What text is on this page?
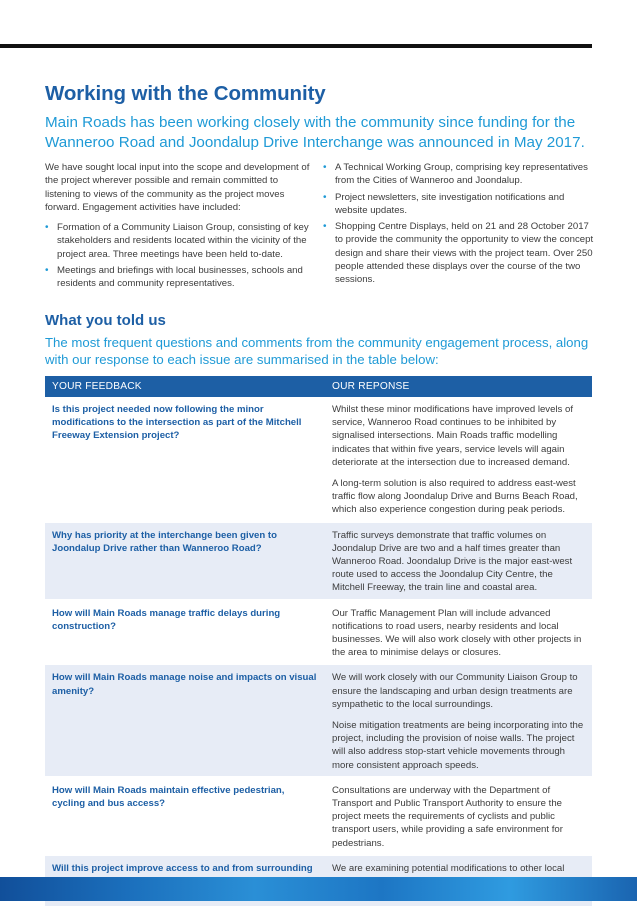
Working with the Community

Main Roads has been working closely with the community since funding for the Wanneroo Road and Joondalup Drive Interchange was announced in May 2017.

We have sought local input into the scope and development of the project wherever possible and remain committed to listening to views of the community as the project moves forward. Engagement activities have included:

• Formation of a Community Liaison Group, consisting of key stakeholders and residents located within the vicinity of the project area. Three meetings have been held to-date.
• Meetings and briefings with local businesses, schools and residents and community representatives.
• A Technical Working Group, comprising key representatives from the Cities of Wanneroo and Joondalup.
• Project newsletters, site investigation notifications and website updates.
• Shopping Centre Displays, held on 21 and 28 October 2017 to provide the community the opportunity to view the concept design and share their views with the project team. Over 250 people attended these displays over the course of the two sessions.
What you told us

The most frequent questions and comments from the community engagement process, along with our response to each issue are summarised in the table below:

YOUR FEEDBACK	OUR REPONSE
Is this project needed now following the minor modifications to the intersection as part of the Mitchell Freeway Extension project?	Whilst these minor modifications have improved levels of service, Wanneroo Road continues to be inhibited by signalised intersections. Main Roads traffic modelling indicates that within five years, service levels will again deteriorate at the intersection due to increased demand.

A long-term solution is also required to address east-west traffic flow along Joondalup Drive and Burns Beach Road, which also experience congestion during peak periods.

Why has priority at the interchange been given to Joondalup Drive rather than Wanneroo Road?	Traffic surveys demonstrate that traffic volumes on Joondalup Drive are two and a half times greater than Wanneroo Road. Joondalup Drive is the major east-west route used to access the Joondalup City Centre, the Mitchell Freeway, the train line and coastal area.

How will Main Roads manage traffic delays during construction?	Our Traffic Management Plan will include advanced notifications to road users, nearby residents and local businesses. We will also work closely with other projects in the area to minimise delays or closures.

How will Main Roads manage noise and impacts on visual amenity?	We will work closely with our Community Liaison Group to ensure the landscaping and urban design treatments are sympathetic to the local surroundings.

Noise mitigation treatments are being incorporating into the project, including the provision of noise walls. The project will also address stop-start vehicle movements through more consistent approach speeds.

How will Main Roads maintain effective pedestrian, cycling and bus access?	Consultations are underway with the Department of Transport and Public Transport Authority to ensure the project meets the requirements of cyclists and public transport users, while providing a safe environment for pedestrians.

Will this project improve access to and from surrounding	We are examining potential modifications to other local
